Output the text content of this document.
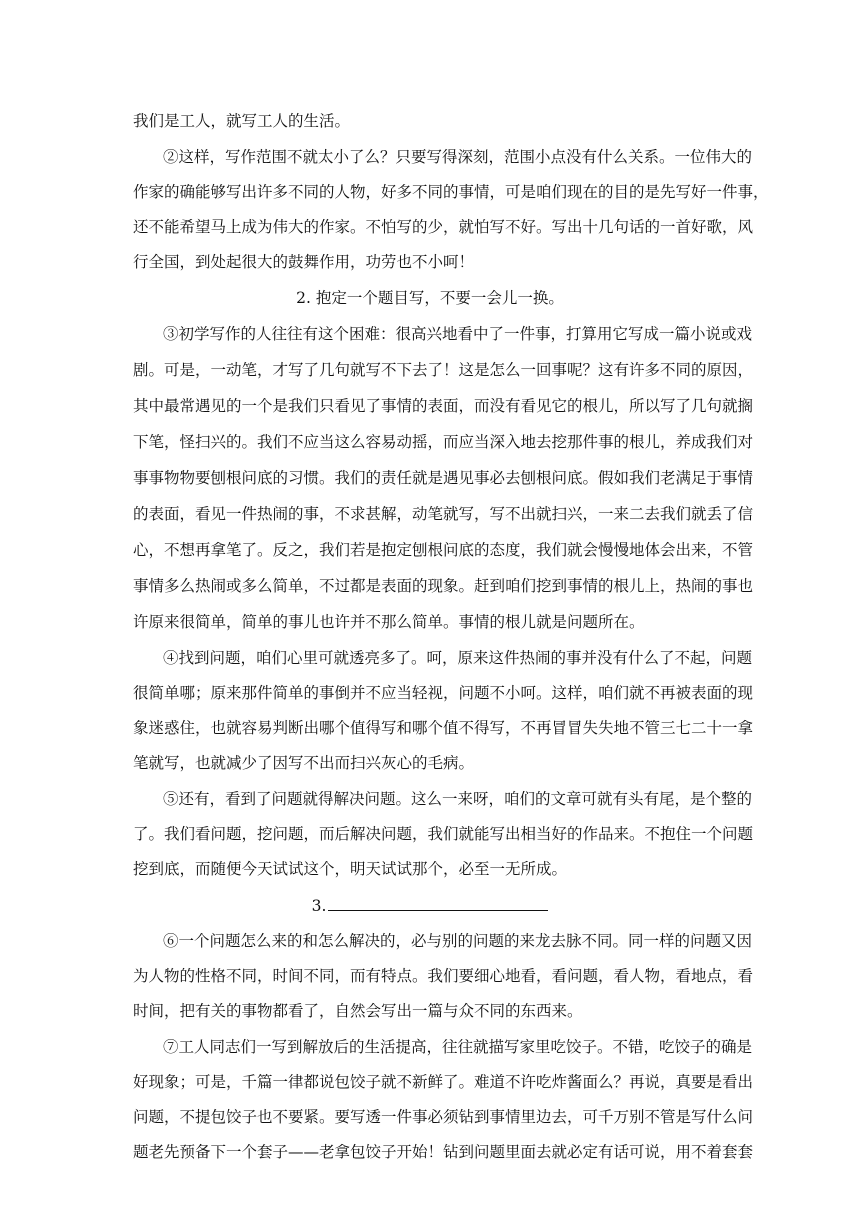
我们是工人，就写工人的生活。
②这样，写作范围不就太小了么？只要写得深刻，范围小点没有什么关系。一位伟大的
作家的确能够写出许多不同的人物，好多不同的事情，可是咱们现在的目的是先写好一件事，
还不能希望马上成为伟大的作家。不怕写的少，就怕写不好。写出十几句话的一首好歌，风
行全国，到处起很大的鼓舞作用，功劳也不小呵！
2. 抱定一个题目写，不要一会儿一换。
③初学写作的人往往有这个困难：很高兴地看中了一件事，打算用它写成一篇小说或戏
剧。可是，一动笔，才写了几句就写不下去了！这是怎么一回事呢？这有许多不同的原因，
其中最常遇见的一个是我们只看见了事情的表面，而没有看见它的根儿，所以写了几句就搁
下笔，怪扫兴的。我们不应当这么容易动摇，而应当深入地去挖那件事的根儿，养成我们对
事事物物要刨根问底的习惯。我们的责任就是遇见事必去刨根问底。假如我们老满足于事情
的表面，看见一件热闹的事，不求甚解，动笔就写，写不出就扫兴，一来二去我们就丢了信
心，不想再拿笔了。反之，我们若是抱定刨根问底的态度，我们就会慢慢地体会出来，不管
事情多么热闹或多么简单，不过都是表面的现象。赶到咱们挖到事情的根儿上，热闹的事也
许原来很简单，简单的事儿也许并不那么简单。事情的根儿就是问题所在。
④找到问题，咱们心里可就透亮多了。呵，原来这件热闹的事并没有什么了不起，问题
很简单哪；原来那件简单的事倒并不应当轻视，问题不小呵。这样，咱们就不再被表面的现
象迷惑住，也就容易判断出哪个值得写和哪个值不得写，不再冒冒失失地不管三七二十一拿
笔就写，也就减少了因写不出而扫兴灰心的毛病。
⑤还有，看到了问题就得解决问题。这么一来呀，咱们的文章可就有头有尾，是个整的
了。我们看问题，挖问题，而后解决问题，我们就能写出相当好的作品来。不抱住一个问题
挖到底，而随便今天试试这个，明天试试那个，必至一无所成。
3.
⑥一个问题怎么来的和怎么解决的，必与别的问题的来龙去脉不同。同一样的问题又因
为人物的性格不同，时间不同，而有特点。我们要细心地看，看问题，看人物，看地点，看
时间，把有关的事物都看了，自然会写出一篇与众不同的东西来。
⑦工人同志们一写到解放后的生活提高，往往就描写家里吃饺子。不错，吃饺子的确是
好现象；可是，千篇一律都说包饺子就不新鲜了。难道不许吃炸酱面么？再说，真要是看出
问题，不提包饺子也不要紧。要写透一件事必须钻到事情里边去，可千万别不管是写什么问
题老先预备下一个套子——老拿包饺子开始！钻到问题里面去就必定有话可说，用不着套套
